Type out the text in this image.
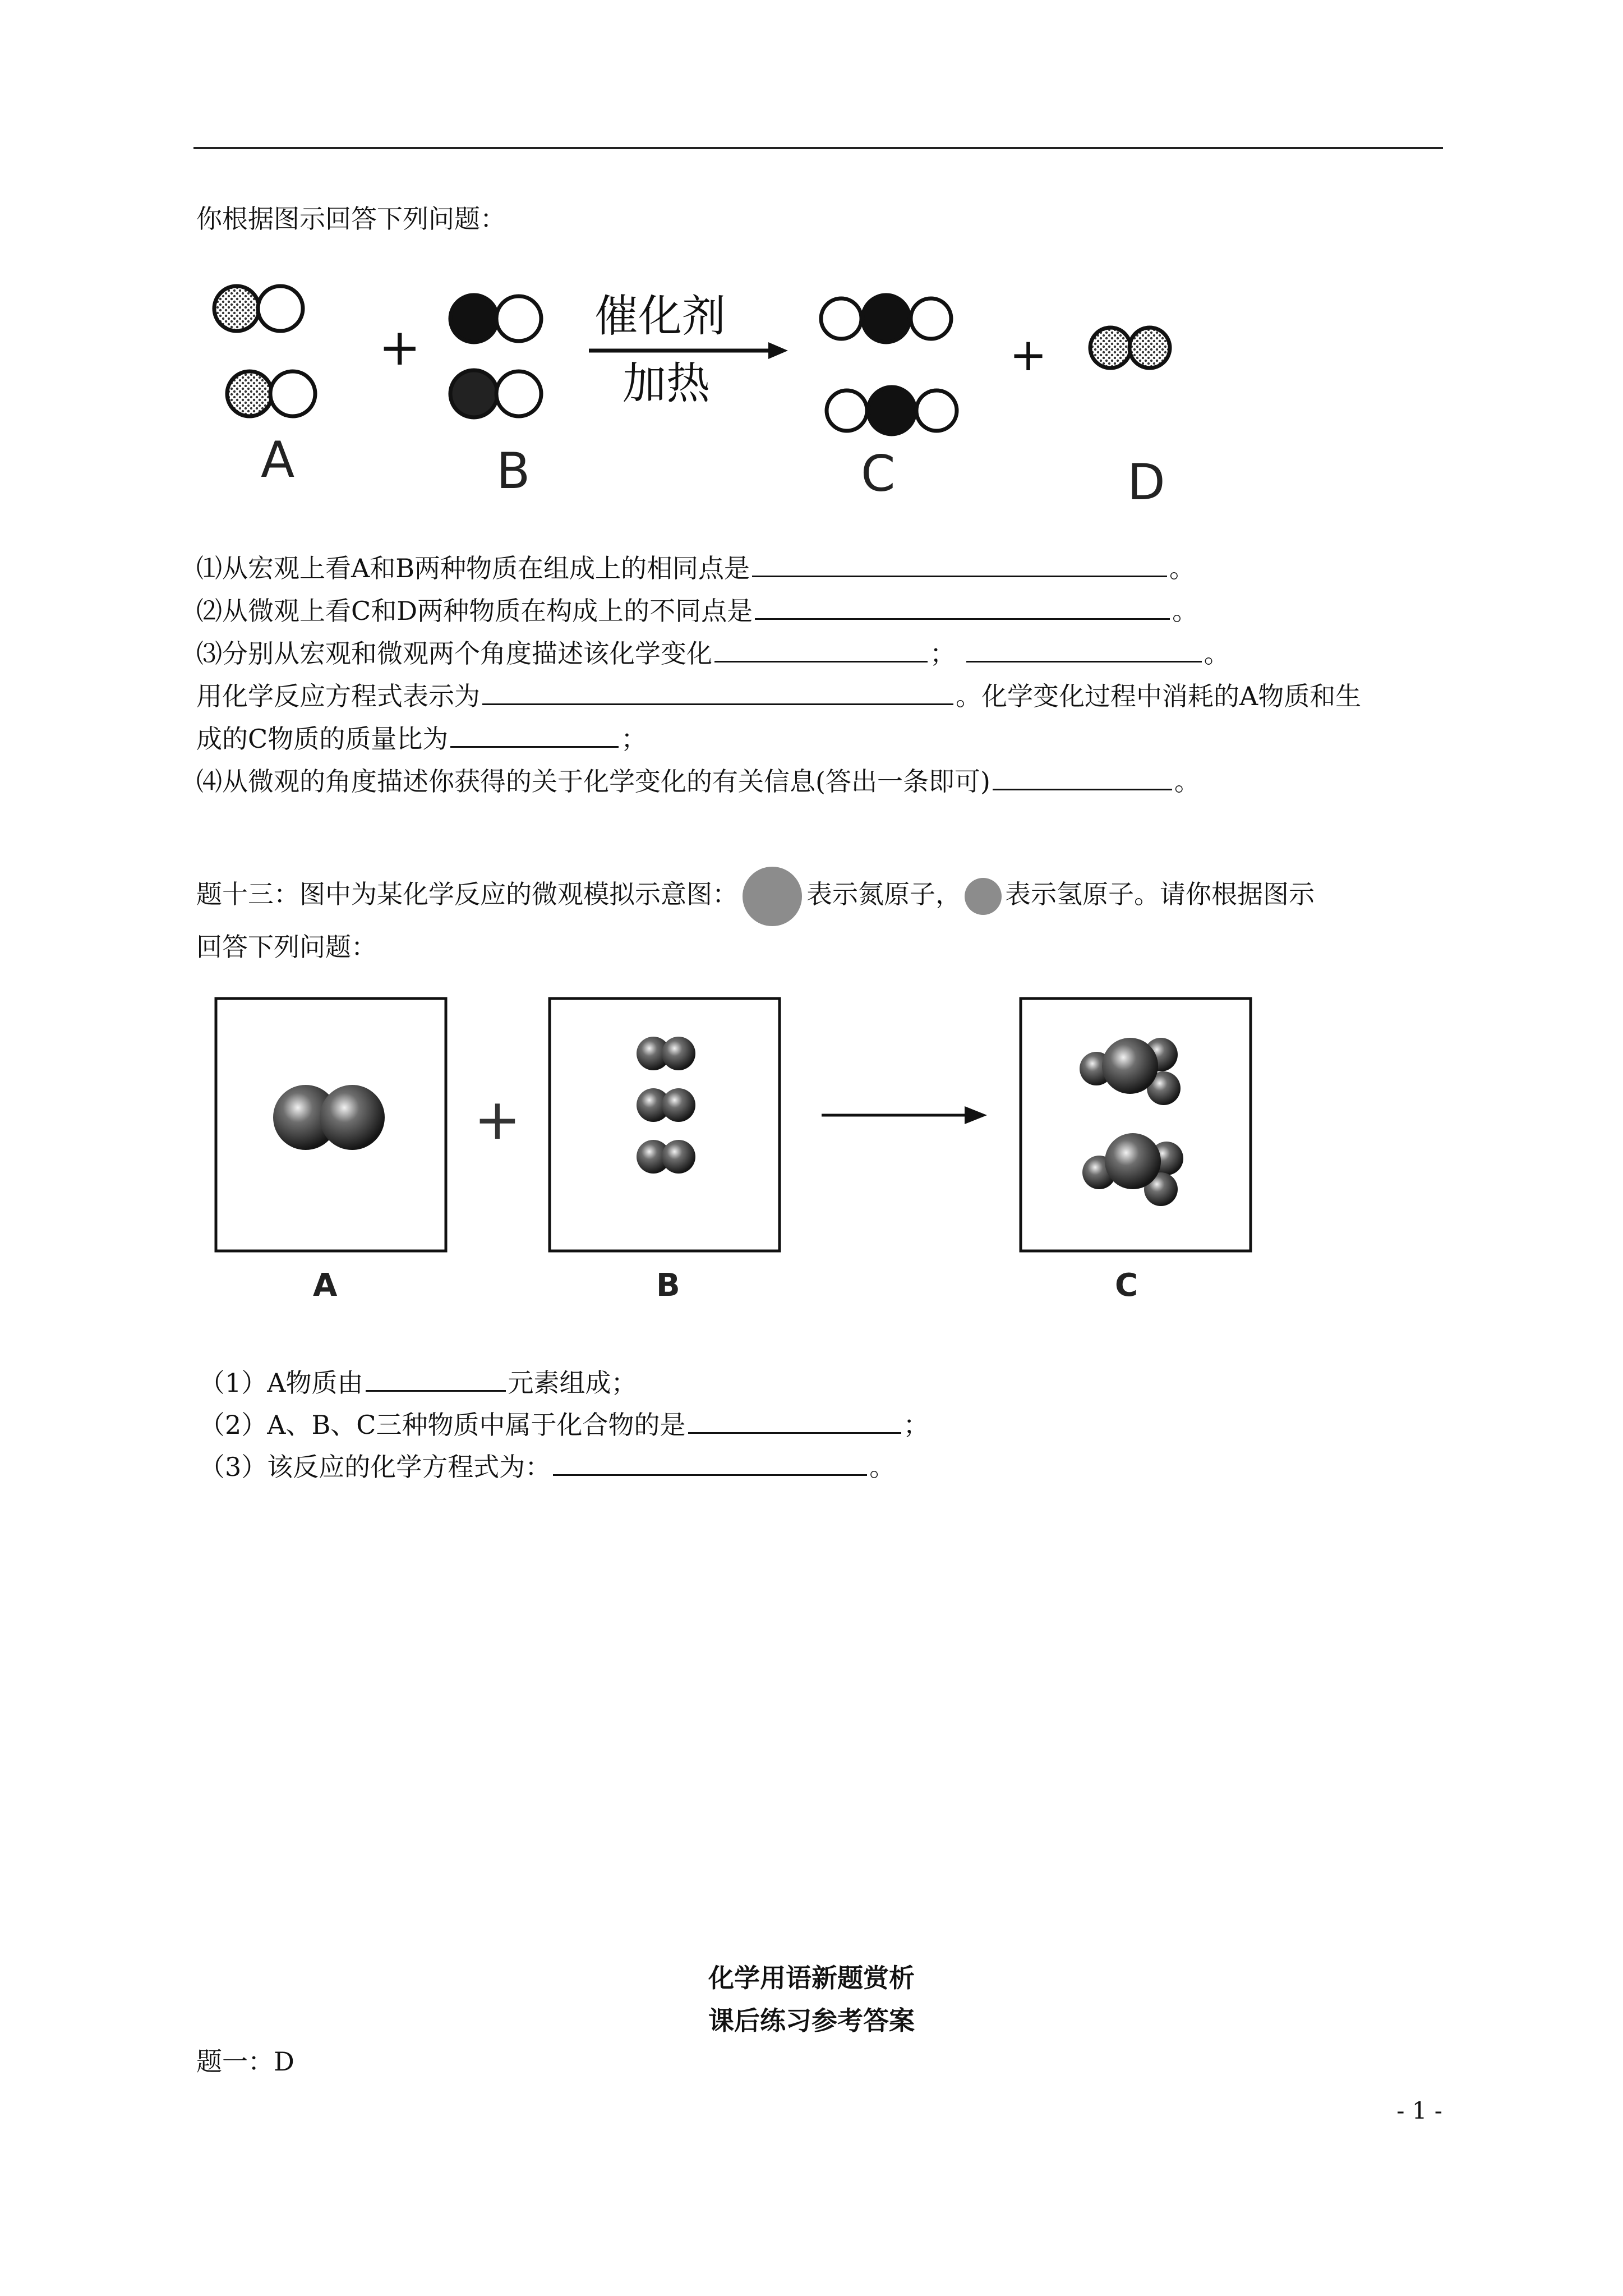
你根据图示回答下列问题：
+	+
催化剂
加热
A	B	C	D
⑴从宏观上看A和B两种物质在组成上的相同点是	。
⑵从微观上看C和D两种物质在构成上的不同点是	。
⑶分别从宏观和微观两个角度描述该化学变化	；	。
用化学反应方程式表示为	。化学变化过程中消耗的A物质和生
成的C物质的质量比为	；
⑷从微观的角度描述你获得的关于化学变化的有关信息(答出一条即可)	。
题十三：图中为某化学反应的微观模拟示意图：	表示氮原子， 表示氢原子。请你根据图示
回答下列问题：
+
A	B	C
（1）A物质由	元素组成；
（2）A、B、C三种物质中属于化合物的是	；
（3）该反应的化学方程式为：	。
化学用语新题赏析
课后练习参考答案
题一：D
- 1 -
